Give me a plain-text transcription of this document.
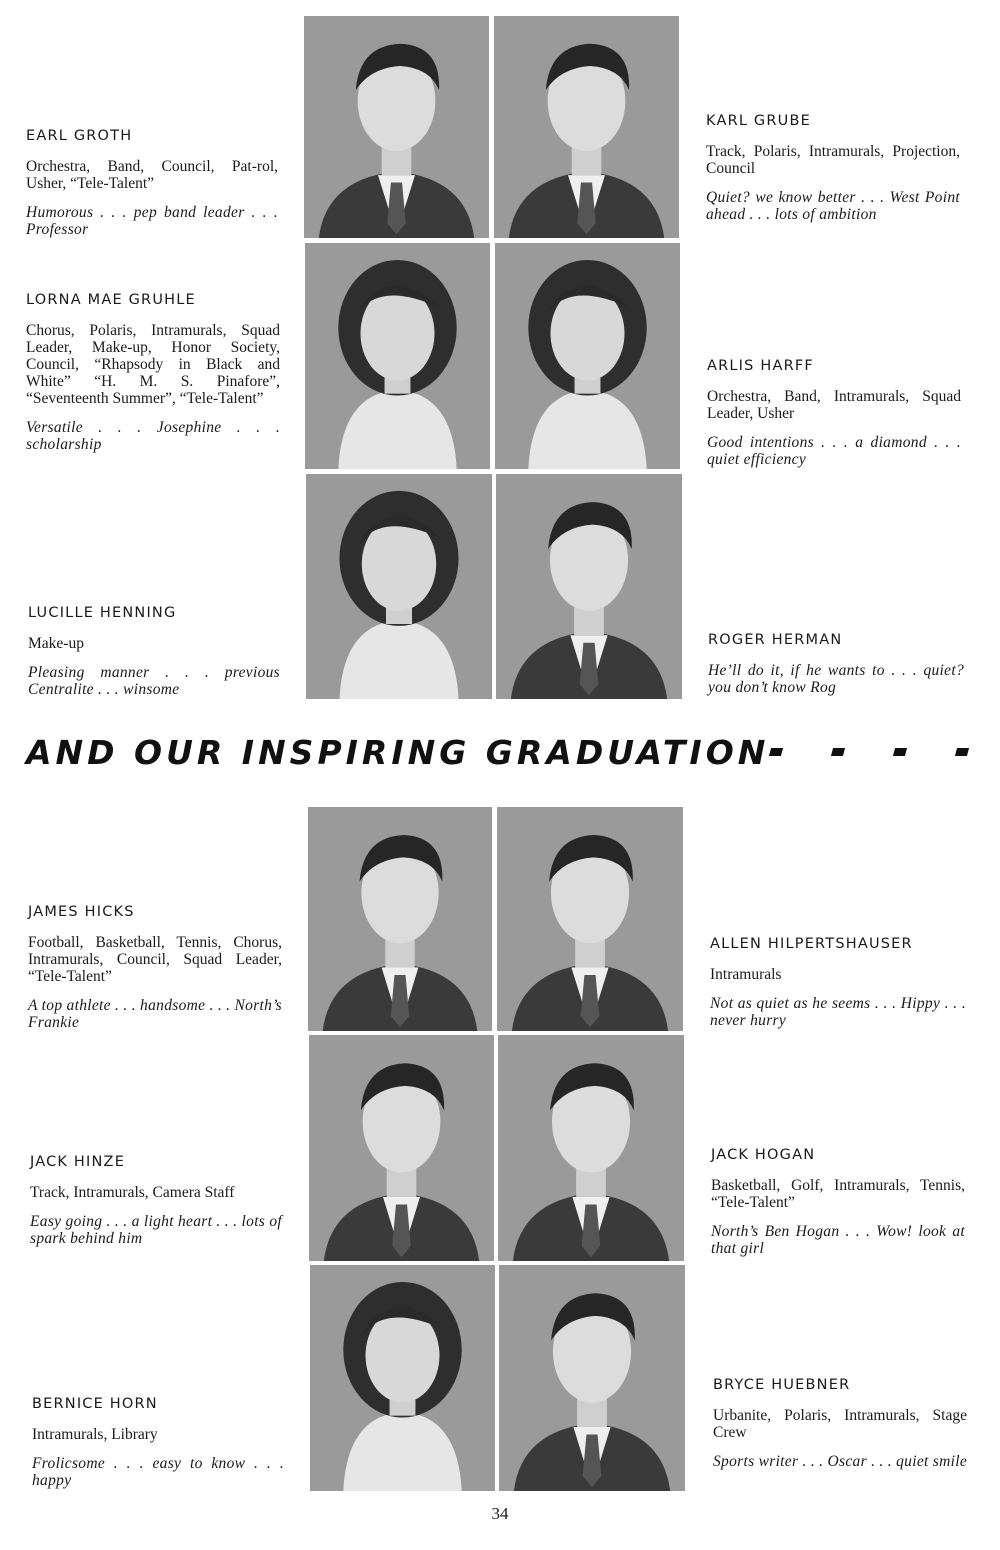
EARL GROTH
Orchestra, Band, Council, Pat-rol, Usher, “Tele-Talent”
Humorous . . . pep band leader . . . Professor
LORNA MAE GRUHLE
Chorus, Polaris, Intramurals, Squad Leader, Make-up, Honor Society, Council, “Rhapsody in Black and White” “H. M. S. Pinafore”, “Seventeenth Summer”, “Tele-Talent”
Versatile . . . Josephine . . . scholarship
LUCILLE HENNING
Make-up
Pleasing manner . . . previous Centralite . . . winsome
JAMES HICKS
Football, Basketball, Tennis, Chorus, Intramurals, Council, Squad Leader, “Tele-Talent”
A top athlete . . . handsome . . . North’s Frankie
JACK HINZE
Track, Intramurals, Camera Staff
Easy going . . . a light heart . . . lots of spark behind him
BERNICE HORN
Intramurals, Library
Frolicsome . . . easy to know . . . happy
KARL GRUBE
Track, Polaris, Intramurals, Projection, Council
Quiet? we know better . . . West Point ahead . . . lots of ambition
ARLIS HARFF
Orchestra, Band, Intramurals, Squad Leader, Usher
Good intentions . . . a diamond . . . quiet efficiency
ROGER HERMAN
He’ll do it, if he wants to . . . quiet? you don’t know Rog
ALLEN HILPERTSHAUSER
Intramurals
Not as quiet as he seems . . . Hippy . . . never hurry
JACK HOGAN
Basketball, Golf, Intramurals, Tennis, “Tele-Talent”
North’s Ben Hogan . . . Wow! look at that girl
BRYCE HUEBNER
Urbanite, Polaris, Intramurals, Stage Crew
Sports writer . . . Oscar . . . quiet smile
AND OUR INSPIRING GRADUATION
34
